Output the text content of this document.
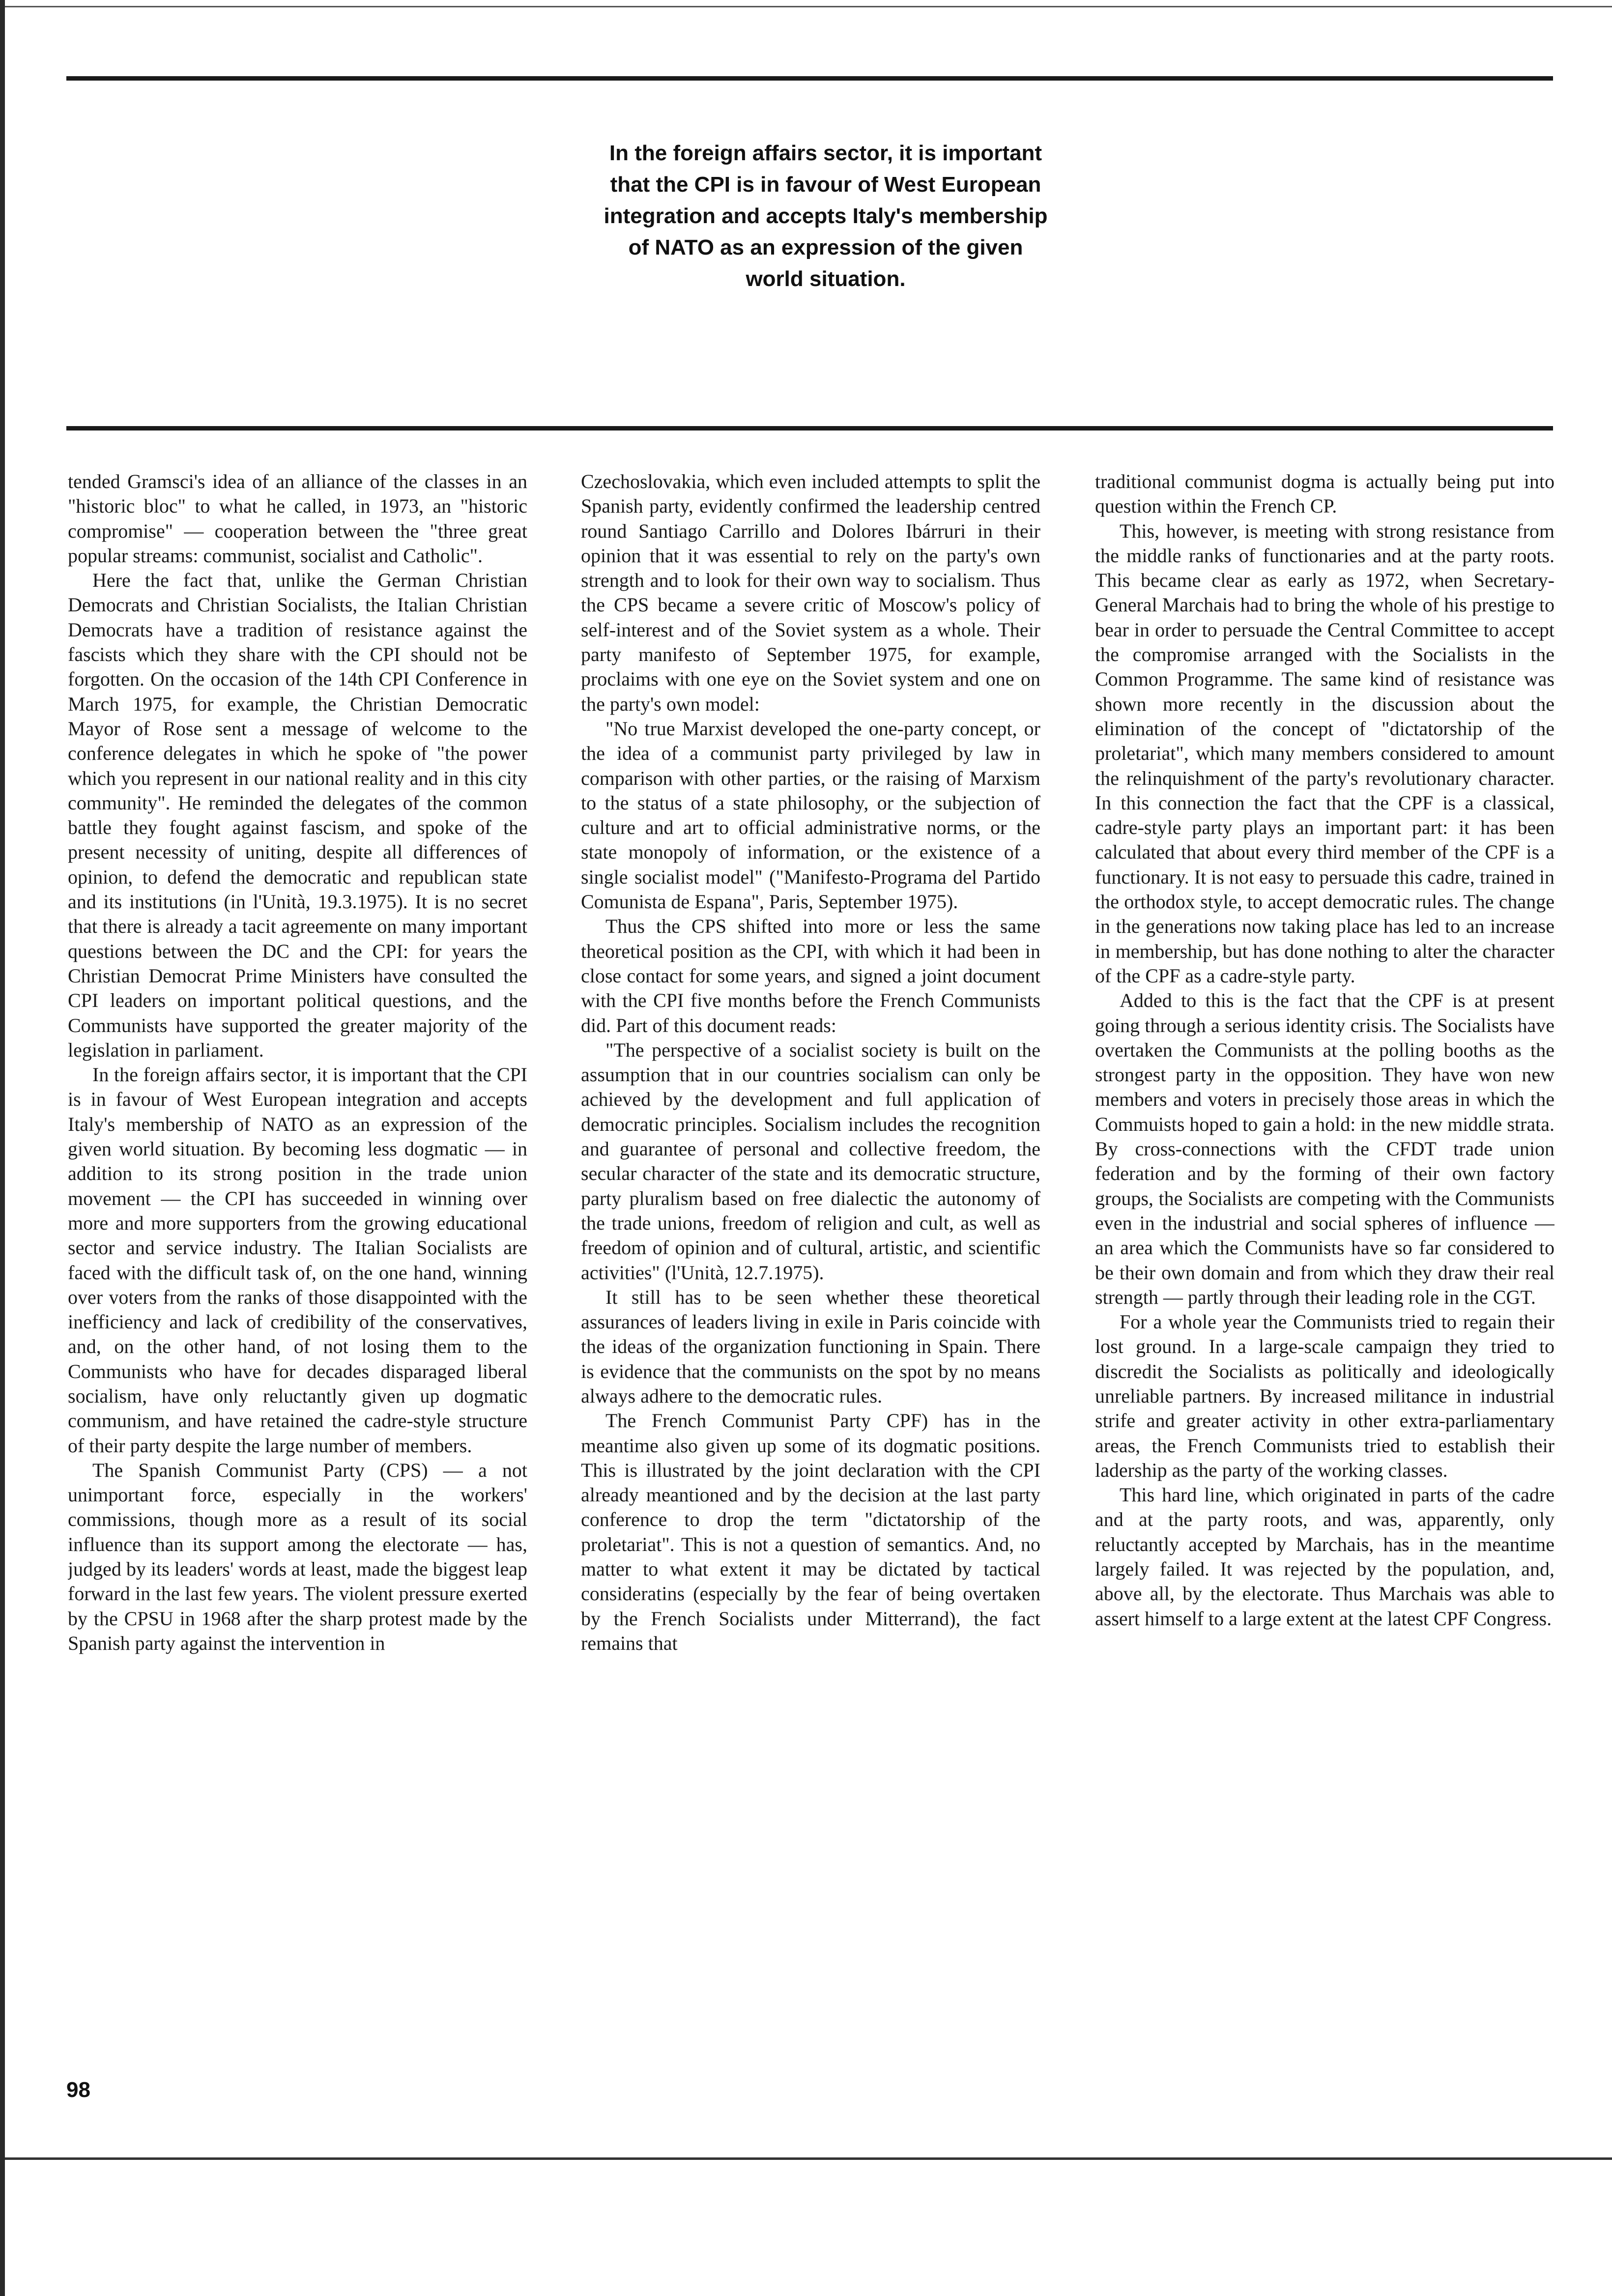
In the foreign affairs sector, it is important
that the CPI is in favour of West European
integration and accepts Italy's membership
of NATO as an expression of the given
world situation.

tended Gramsci's idea of an alliance of the classes in an "historic bloc" to what he called, in 1973, an "historic compromise" — cooperation between the "three great popular streams: communist, socialist and Catholic".

Here the fact that, unlike the German Christian Democrats and Christian Socialists, the Italian Christian Democrats have a tradition of resistance against the fascists which they share with the CPI should not be forgotten. On the occasion of the 14th CPI Conference in March 1975, for example, the Christian Democratic Mayor of Rose sent a message of welcome to the conference delegates in which he spoke of "the power which you represent in our national reality and in this city community". He reminded the delegates of the common battle they fought against fascism, and spoke of the present necessity of uniting, despite all differences of opinion, to defend the democratic and republican state and its institutions (in l'Unità, 19.3.1975). It is no secret that there is already a tacit agreemente on many important questions between the DC and the CPI: for years the Christian Democrat Prime Ministers have consulted the CPI leaders on important political questions, and the Communists have supported the greater majority of the legislation in parliament.

In the foreign affairs sector, it is important that the CPI is in favour of West European integration and accepts Italy's membership of NATO as an expression of the given world situation. By becoming less dogmatic — in addition to its strong position in the trade union movement — the CPI has succeeded in winning over more and more supporters from the growing educational sector and service industry. The Italian Socialists are faced with the difficult task of, on the one hand, winning over voters from the ranks of those disappointed with the inefficiency and lack of credibility of the conservatives, and, on the other hand, of not losing them to the Communists who have for decades disparaged liberal socialism, have only reluctantly given up dogmatic communism, and have retained the cadre-style structure of their party despite the large number of members.

The Spanish Communist Party (CPS) — a not unimportant force, especially in the workers' commissions, though more as a result of its social influence than its support among the electorate — has, judged by its leaders' words at least, made the biggest leap forward in the last few years. The violent pressure exerted by the CPSU in 1968 after the sharp protest made by the Spanish party against the intervention in

Czechoslovakia, which even included attempts to split the Spanish party, evidently confirmed the leadership centred round Santiago Carrillo and Dolores Ibárruri in their opinion that it was essential to rely on the party's own strength and to look for their own way to socialism. Thus the CPS became a severe critic of Moscow's policy of self-interest and of the Soviet system as a whole. Their party manifesto of September 1975, for example, proclaims with one eye on the Soviet system and one on the party's own model:

"No true Marxist developed the one-party concept, or the idea of a communist party privileged by law in comparison with other parties, or the raising of Marxism to the status of a state philosophy, or the subjection of culture and art to official administrative norms, or the state monopoly of information, or the existence of a single socialist model" ("Manifesto-Programa del Partido Comunista de Espana", Paris, September 1975).

Thus the CPS shifted into more or less the same theoretical position as the CPI, with which it had been in close contact for some years, and signed a joint document with the CPI five months before the French Communists did. Part of this document reads:

"The perspective of a socialist society is built on the assumption that in our countries socialism can only be achieved by the development and full application of democratic principles. Socialism includes the recognition and guarantee of personal and collective freedom, the secular character of the state and its democratic structure, party pluralism based on free dialectic the autonomy of the trade unions, freedom of religion and cult, as well as freedom of opinion and of cultural, artistic, and scientific activities" (l'Unità, 12.7.1975).

It still has to be seen whether these theoretical assurances of leaders living in exile in Paris coincide with the ideas of the organization functioning in Spain. There is evidence that the communists on the spot by no means always adhere to the democratic rules.

The French Communist Party CPF) has in the meantime also given up some of its dogmatic positions. This is illustrated by the joint declaration with the CPI already meantioned and by the decision at the last party conference to drop the term "dictatorship of the proletariat". This is not a question of semantics. And, no matter to what extent it may be dictated by tactical consideratins (especially by the fear of being overtaken by the French Socialists under Mitterrand), the fact remains that

traditional communist dogma is actually being put into question within the French CP.

This, however, is meeting with strong resistance from the middle ranks of functionaries and at the party roots. This became clear as early as 1972, when Secretary-General Marchais had to bring the whole of his prestige to bear in order to persuade the Central Committee to accept the compromise arranged with the Socialists in the Common Programme. The same kind of resistance was shown more recently in the discussion about the elimination of the concept of "dictatorship of the proletariat", which many members considered to amount the relinquishment of the party's revolutionary character. In this connection the fact that the CPF is a classical, cadre-style party plays an important part: it has been calculated that about every third member of the CPF is a functionary. It is not easy to persuade this cadre, trained in the orthodox style, to accept democratic rules. The change in the generations now taking place has led to an increase in membership, but has done nothing to alter the character of the CPF as a cadre-style party.

Added to this is the fact that the CPF is at present going through a serious identity crisis. The Socialists have overtaken the Communists at the polling booths as the strongest party in the opposition. They have won new members and voters in precisely those areas in which the Commuists hoped to gain a hold: in the new middle strata. By cross-connections with the CFDT trade union federation and by the forming of their own factory groups, the Socialists are competing with the Communists even in the industrial and social spheres of influence — an area which the Communists have so far considered to be their own domain and from which they draw their real strength — partly through their leading role in the CGT.

For a whole year the Communists tried to regain their lost ground. In a large-scale campaign they tried to discredit the Socialists as politically and ideologically unreliable partners. By increased militance in industrial strife and greater activity in other extra-parliamentary areas, the French Communists tried to establish their ladership as the party of the working classes.

This hard line, which originated in parts of the cadre and at the party roots, and was, apparently, only reluctantly accepted by Marchais, has in the meantime largely failed. It was rejected by the population, and, above all, by the electorate. Thus Marchais was able to assert himself to a large extent at the latest CPF Congress.

98
